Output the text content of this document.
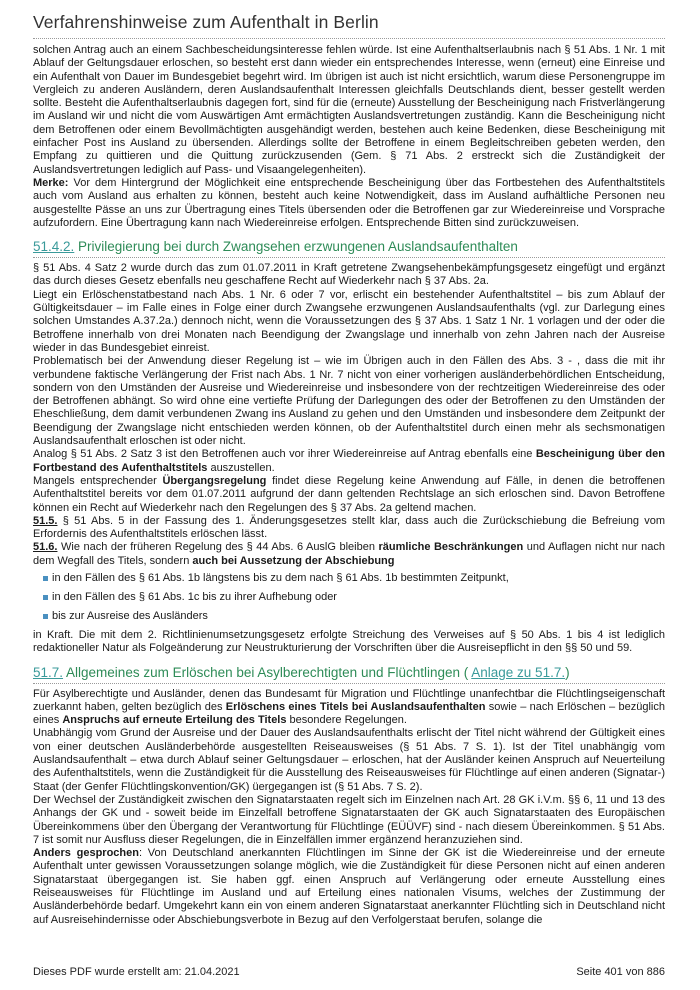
Verfahrenshinweise zum Aufenthalt in Berlin

solchen Antrag auch an einem Sachbescheidungsinteresse fehlen würde. Ist eine Aufenthaltserlaubnis nach § 51 Abs. 1 Nr. 1 mit Ablauf der Geltungsdauer erloschen, so besteht erst dann wieder ein entsprechendes Interesse, wenn (erneut) eine Einreise und ein Aufenthalt von Dauer im Bundesgebiet begehrt wird. Im übrigen ist auch ist nicht ersichtlich, warum diese Personengruppe im Vergleich zu anderen Ausländern, deren Auslandsaufenthalt Interessen gleichfalls Deutschlands dient, besser gestellt werden sollte. Besteht die Aufenthaltserlaubnis dagegen fort, sind für die (erneute) Ausstellung der Bescheinigung nach Fristverlängerung im Ausland wir und nicht die vom Auswärtigen Amt ermächtigten Auslandsvertretungen zuständig. Kann die Bescheinigung nicht dem Betroffenen oder einem Bevollmächtigten ausgehändigt werden, bestehen auch keine Bedenken, diese Bescheinigung mit einfacher Post ins Ausland zu übersenden. Allerdings sollte der Betroffene in einem Begleitschreiben gebeten werden, den Empfang zu quittieren und die Quittung zurückzusenden (Gem. § 71 Abs. 2 erstreckt sich die Zuständigkeit der Auslandsvertretungen lediglich auf Pass- und Visaangelegenheiten).

Merke: Vor dem Hintergrund der Möglichkeit eine entsprechende Bescheinigung über das Fortbestehen des Aufenthaltstitels auch vom Ausland aus erhalten zu können, besteht auch keine Notwendigkeit, dass im Ausland aufhältliche Personen neu ausgestellte Pässe an uns zur Übertragung eines Titels übersenden oder die Betroffenen gar zur Wiedereinreise und Vorsprache aufzufordern. Eine Übertragung kann nach Wiedereinreise erfolgen. Entsprechende Bitten sind zurückzuweisen.

51.4.2. Privilegierung bei durch Zwangsehen erzwungenen Auslandsaufenthalten

§ 51 Abs. 4 Satz 2 wurde durch das zum 01.07.2011 in Kraft getretene Zwangsehenbekämpfungsgesetz eingefügt und ergänzt das durch dieses Gesetz ebenfalls neu geschaffene Recht auf Wiederkehr nach § 37 Abs. 2a.

Liegt ein Erlöschenstatbestand nach Abs. 1 Nr. 6 oder 7 vor, erlischt ein bestehender Aufenthaltstitel – bis zum Ablauf der Gültigkeitsdauer – im Falle eines in Folge einer durch Zwangsehe erzwungenen Auslandsaufenthalts (vgl. zur Darlegung eines solchen Umstandes A.37.2a.) dennoch nicht, wenn die Voraussetzungen des § 37 Abs. 1 Satz 1 Nr. 1 vorlagen und der oder die Betroffene innerhalb von drei Monaten nach Beendigung der Zwangslage und innerhalb von zehn Jahren nach der Ausreise wieder in das Bundesgebiet einreist.

Problematisch bei der Anwendung dieser Regelung ist – wie im Übrigen auch in den Fällen des Abs. 3 - , dass die mit ihr verbundene faktische Verlängerung der Frist nach Abs. 1 Nr. 7 nicht von einer vorherigen ausländerbehördlichen Entscheidung, sondern von den Umständen der Ausreise und Wiedereinreise und insbesondere von der rechtzeitigen Wiedereinreise des oder der Betroffenen abhängt. So wird ohne eine vertiefte Prüfung der Darlegungen des oder der Betroffenen zu den Umständen der Eheschließung, dem damit verbundenen Zwang ins Ausland zu gehen und den Umständen und insbesondere dem Zeitpunkt der Beendigung der Zwangslage nicht entschieden werden können, ob der Aufenthaltstitel durch einen mehr als sechsmonatigen Auslandsaufenthalt erloschen ist oder nicht.

Analog § 51 Abs. 2 Satz 3 ist den Betroffenen auch vor ihrer Wiedereinreise auf Antrag ebenfalls eine Bescheinigung über den Fortbestand des Aufenthaltstitels auszustellen.

Mangels entsprechender Übergangsregelung findet diese Regelung keine Anwendung auf Fälle, in denen die betroffenen Aufenthaltstitel bereits vor dem 01.07.2011 aufgrund der dann geltenden Rechtslage an sich erloschen sind. Davon Betroffene können ein Recht auf Wiederkehr nach den Regelungen des § 37 Abs. 2a geltend machen.

51.5. § 51 Abs. 5 in der Fassung des 1. Änderungsgesetzes stellt klar, dass auch die Zurückschiebung die Befreiung vom Erfordernis des Aufenthaltstitels erlöschen lässt.

51.6. Wie nach der früheren Regelung des § 44 Abs. 6 AuslG bleiben räumliche Beschränkungen und Auflagen nicht nur nach dem Wegfall des Titels, sondern auch bei Aussetzung der Abschiebung

in den Fällen des § 61 Abs. 1b längstens bis zu dem nach § 61 Abs. 1b bestimmten Zeitpunkt,
in den Fällen des § 61 Abs. 1c bis zu ihrer Aufhebung oder
bis zur Ausreise des Ausländers

in Kraft. Die mit dem 2. Richtlinienumsetzungsgesetz erfolgte Streichung des Verweises auf § 50 Abs. 1 bis 4 ist lediglich redaktioneller Natur als Folgeänderung zur Neustrukturierung der Vorschriften über die Ausreisepflicht in den §§ 50 und 59.

51.7. Allgemeines zum Erlöschen bei Asylberechtigten und Flüchtlingen ( Anlage zu 51.7.)

Für Asylberechtigte und Ausländer, denen das Bundesamt für Migration und Flüchtlinge unanfechtbar die Flüchtlingseigenschaft zuerkannt haben, gelten bezüglich des Erlöschens eines Titels bei Auslandsaufenthalten sowie – nach Erlöschen – bezüglich eines Anspruchs auf erneute Erteilung des Titels besondere Regelungen.

Unabhängig vom Grund der Ausreise und der Dauer des Auslandsaufenthalts erlischt der Titel nicht während der Gültigkeit eines von einer deutschen Ausländerbehörde ausgestellten Reiseausweises (§ 51 Abs. 7 S. 1). Ist der Titel unabhängig vom Auslandsaufenthalt – etwa durch Ablauf seiner Geltungsdauer – erloschen, hat der Ausländer keinen Anspruch auf Neuerteilung des Aufenthaltstitels, wenn die Zuständigkeit für die Ausstellung des Reiseausweises für Flüchtlinge auf einen anderen (Signatar-) Staat (der Genfer Flüchtlingskonvention/GK) üergegangen ist (§ 51 Abs. 7 S. 2).

Der Wechsel der Zuständigkeit zwischen den Signatarstaaten regelt sich im Einzelnen nach Art. 28 GK i.V.m. §§ 6, 11 und 13 des Anhangs der GK und - soweit beide im Einzelfall betroffene Signatarstaaten der GK auch Signatarstaaten des Europäischen Übereinkommens über den Übergang der Verantwortung für Flüchtlinge (EÜÜVF) sind - nach diesem Übereinkommen. § 51 Abs. 7 ist somit nur Ausfluss dieser Regelungen, die in Einzelfällen immer ergänzend heranzuziehen sind.

Anders gesprochen: Von Deutschland anerkannten Flüchtlingen im Sinne der GK ist die Wiedereinreise und der erneute Aufenthalt unter gewissen Voraussetzungen solange möglich, wie die Zuständigkeit für diese Personen nicht auf einen anderen Signatarstaat übergegangen ist. Sie haben ggf. einen Anspruch auf Verlängerung oder erneute Ausstellung eines Reiseausweises für Flüchtlinge im Ausland und auf Erteilung eines nationalen Visums, welches der Zustimmung der Ausländerbehörde bedarf. Umgekehrt kann ein von einem anderen Signatarstaat anerkannter Flüchtling sich in Deutschland nicht auf Ausreisehindernisse oder Abschiebungsverbote in Bezug auf den Verfolgerstaat berufen, solange die

Dieses PDF wurde erstellt am: 21.04.2021	Seite 401 von 886
